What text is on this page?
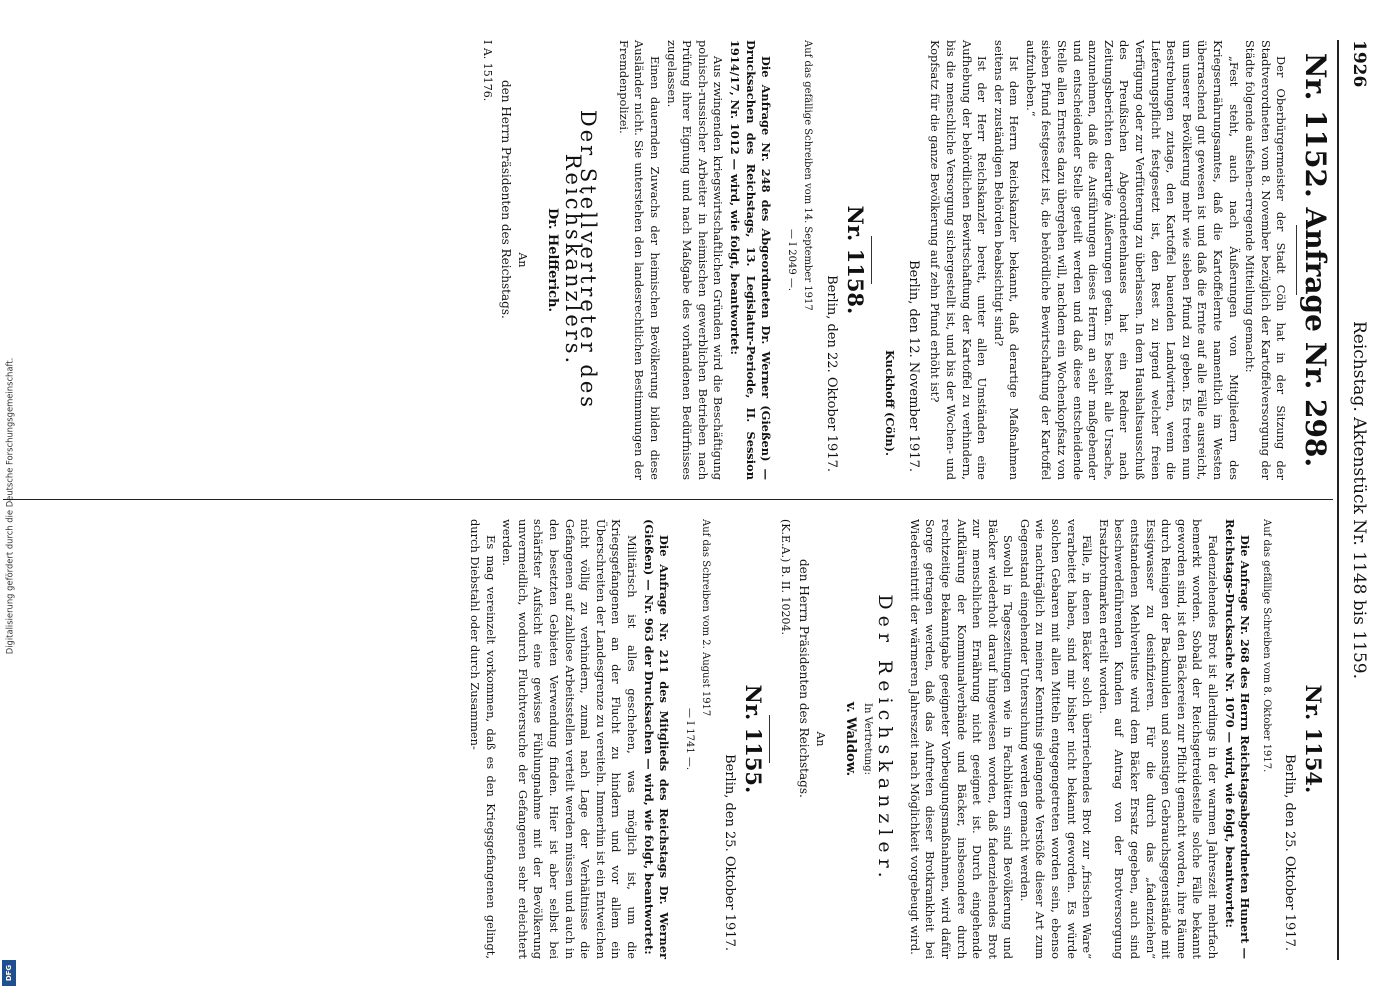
Digitalisierung gefördert durch die Deutsche Forschungsgemeinschaft.
DFG
1926
Reichstag. Aktenstück Nr. 1148 bis 1159.
Nr. 1152. Anfrage Nr. 298.

Der Oberbürgermeister der Stadt Cöln hat in der Sitzung der Stadtverordneten vom 8. November bezüglich der Kartoffelversorgung der Städte folgende aufsehen-erregende Mitteilung gemacht:

„Fest steht, auch nach Äußerungen von Mitgliedern des Kriegsernährungsamtes, daß die Kartoffelernte namentlich im Westen überraschend gut gewesen ist und daß die Ernte auf alle Fälle ausreicht, um unserer Bevölkerung mehr wie sieben Pfund zu geben. Es treten nun Bestrebungen zutage, den Kartoffel bauenden Landwirten, wenn die Lieferungspflicht festgesetzt ist, den Rest zu irgend welcher freien Verfügung oder zur Verfütterung zu überlassen. In dem Haushaltsausschuß des Preußischen Abgeordnetenhauses hat ein Redner nach Zeitungsberichten derartige Äußerungen getan. Es besteht alle Ursache, anzunehmen, daß die Ausführungen dieses Herrn an sehr maßgebender und entscheidender Stelle geteilt werden und daß diese entscheidende Stelle allen Ernstes dazu übergehen will, nachdem ein Wochenkopfsatz von sieben Pfund festgesetzt ist, die behördliche Bewirtschaftung der Kartoffel aufzuheben.“

Ist dem Herrn Reichskanzler bekannt, daß derartige Maßnahmen seitens der zuständigen Behörden beabsichtigt sind?

Ist der Herr Reichskanzler bereit, unter allen Umständen eine Aufhebung der behördlichen Bewirtschaftung der Kartoffel zu verhindern, bis die menschliche Versorgung sichergestellt ist, und bis der Wochen- und Kopfsatz für die ganze Bevölkerung auf zehn Pfund erhöht ist?

Berlin, den 12. November 1917.
Kuckhoff (Cöln).
Nr. 1158.
Berlin, den 22. Oktober 1917.
Auf das gefällige Schreiben vom 14. September 1917
— I 2049 —.

Die Anfrage Nr. 248 des Abgeordneten Dr. Werner (Gießen) — Drucksachen des Reichstags, 13. Legislatur-Periode, II. Session 1914/17, Nr. 1012 — wird, wie folgt, beantwortet:

Aus zwingenden kriegswirtschaftlichen Gründen wird die Beschäftigung polnisch-russischer Arbeiter in heimischen gewerblichen Betrieben nach Prüfung ihrer Eignung und nach Maßgabe des vorhandenen Bedürfnisses zugelassen.

Einen dauernden Zuwachs der heimischen Bevölkerung bilden diese Ausländer nicht. Sie unterstehen den landesrechtlichen Bestimmungen der Fremdenpolizei.

Der Stellvertreter des Reichskanzlers.
Dr. Helfferich.
An
den Herrn Präsidenten des Reichstags.
I A. 15176.
Nr. 1154.
Berlin, den 25. Oktober 1917.
Auf das gefällige Schreiben vom 8. Oktober 1917.

Die Anfrage Nr. 268 des Herrn Reichstagsabgeordneten Hunert — Reichstags-Drucksache Nr. 1070 — wird, wie folgt, beantwortet:

Fadenziehendes Brot ist allerdings in der warmen Jahreszeit mehrfach bemerkt worden. Sobald der Reichsgetreidestelle solche Fälle bekannt geworden sind, ist den Bäckereien zur Pflicht gemacht worden, ihre Räume durch Reinigen der Backmulden und sonstigen Gebrauchsgegenstände mit Essigwasser zu desinfizieren. Für die durch das „fadenziehen“ entstandenen Mehlverluste wird dem Bäcker Ersatz gegeben, auch sind beschwerdeführenden Kunden auf Antrag von der Brotversorgung Ersatzbrotmarken erteilt worden.

Fälle, in denen Bäcker solch überriechendes Brot zur „frischen Ware“ verarbeitet haben, sind mir bisher nicht bekannt geworden. Es würde solchen Gebaren mit allen Mitteln entgegengetreten worden sein, ebenso wie nachträglich zu meiner Kenntnis gelangende Verstöße dieser Art zum Gegenstand eingehender Untersuchung werden gemacht werden.

Sowohl in Tageszeitungen wie in Fachblättern sind Bevölkerung und Bäcker wiederholt darauf hingewiesen worden, daß fadenziehendes Brot zur menschlichen Ernährung nicht geeignet ist. Durch eingehende Aufklärung der Kommunalverbände und Bäcker, insbesondere durch rechtzeitige Bekanntgabe geeigneter Vorbeugungsmaßnahmen, wird dafür Sorge getragen werden, daß das Auftreten dieser Brotkrankheit bei Wiedereintritt der wärmeren Jahreszeit nach Möglichkeit vorgebeugt wird.

Der Reichskanzler.
In Vertretung:
v. Waldow.
An
den Herrn Präsidenten des Reichstags.
(K.E.A.) B. II. 10204.
Nr. 1155.
Berlin, den 25. Oktober 1917.
Auf das Schreiben vom 2. August 1917
— I 1741 —.

Die Anfrage Nr. 211 des Mitglieds des Reichstags Dr. Werner (Gießen) — Nr. 963 der Drucksachen — wird, wie folgt, beantwortet:

Militärisch ist alles geschehen, was möglich ist, um die Kriegsgefangenen an der Flucht zu hindern und vor allem ein Überschreiten der Landesgrenze zu vereiteln. Immerhin ist ein Entweichen nicht völlig zu verhindern, zumal nach Lage der Verhältnisse die Gefangenen auf zahllose Arbeitsstellen verteilt werden müssen und auch in den besetzten Gebieten Verwendung finden. Hier ist aber selbst bei schärfster Aufsicht eine gewisse Fühlungnahme mit der Bevölkerung unvermeidlich, wodurch Fluchtversuche der Gefangenen sehr erleichtert werden.

Es mag vereinzelt vorkommen, daß es den Kriegsgefangenen gelingt, durch Diebstahl oder durch Zusammen-
